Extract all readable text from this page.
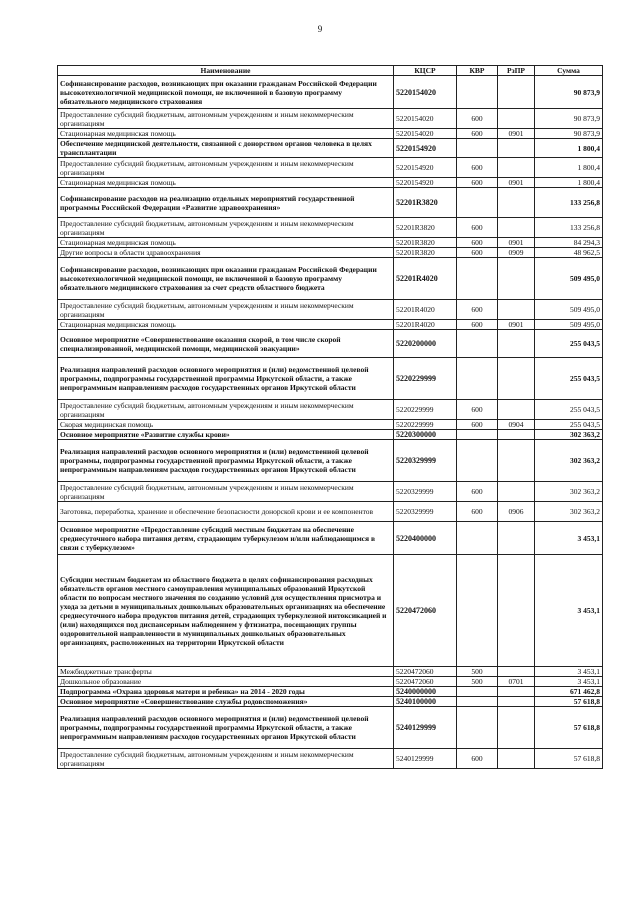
9
Наименование	КЦСР	КВР	РзПР	Сумма
Софинансирование расходов, возникающих при оказании гражданам Российской Федерации высокотехнологичной медицинской помощи, не включенной в базовую программу обязательного медицинского страхования	5220154020			90 873,9
Предоставление субсидий бюджетным, автономным учреждениям и иным некоммерческим организациям	5220154020	600		90 873,9
Стационарная медицинская помощь	5220154020	600	0901	90 873,9
Обеспечение медицинской деятельности, связанной с донорством органов человека в целях трансплантации	5220154920			1 800,4
Предоставление субсидий бюджетным, автономным учреждениям и иным некоммерческим организациям	5220154920	600		1 800,4
Стационарная медицинская помощь	5220154920	600	0901	1 800,4
Софинансирование расходов на реализацию отдельных мероприятий государственной программы Российской Федерации «Развитие здравоохранения»	52201R3820			133 256,8
Предоставление субсидий бюджетным, автономным учреждениям и иным некоммерческим организациям	52201R3820	600		133 256,8
Стационарная медицинская помощь	52201R3820	600	0901	84 294,3
Другие вопросы в области здравоохранения	52201R3820	600	0909	48 962,5
Софинансирование расходов, возникающих при оказании гражданам Российской Федерации высокотехнологичной медицинской помощи, не включенной в базовую программу обязательного медицинского страхования за счет средств областного бюджета	52201R4020			509 495,0
Предоставление субсидий бюджетным, автономным учреждениям и иным некоммерческим организациям	52201R4020	600		509 495,0
Стационарная медицинская помощь	52201R4020	600	0901	509 495,0
Основное мероприятие «Совершенствование оказания скорой, в том числе скорой специализированной, медицинской помощи, медицинской эвакуации»	5220200000			255 043,5
Реализация направлений расходов основного мероприятия и (или) ведомственной целевой программы, подпрограммы государственной программы Иркутской области, а также непрограммным направлениям расходов государственных органов Иркутской области	5220229999			255 043,5
Предоставление субсидий бюджетным, автономным учреждениям и иным некоммерческим организациям	5220229999	600		255 043,5
Скорая медицинская помощь	5220229999	600	0904	255 043,5
Основное мероприятие «Развитие службы крови»	5220300000			302 363,2
Реализация направлений расходов основного мероприятия и (или) ведомственной целевой программы, подпрограммы государственной программы Иркутской области, а также непрограммным направлениям расходов государственных органов Иркутской области	5220329999			302 363,2
Предоставление субсидий бюджетным, автономным учреждениям и иным некоммерческим организациям	5220329999	600		302 363,2
Заготовка, переработка, хранение и обеспечение безопасности донорской крови и ее компонентов	5220329999	600	0906	302 363,2
Основное мероприятие «Предоставление субсидий местным бюджетам на обеспечение среднесуточного набора питания детям, страдающим туберкулезом и/или наблюдающимся в связи с туберкулезом»	5220400000			3 453,1
Субсидии местным бюджетам из областного бюджета в целях софинансирования расходных обязательств органов местного самоуправления муниципальных образований Иркутской области по вопросам местного значения по созданию условий для осуществления присмотра и ухода за детьми в муниципальных дошкольных образовательных организациях на обеспечение среднесуточного набора продуктов питания детей, страдающих туберкулезной интоксикацией и (или) находящихся под диспансерным наблюдением у фтизиатра, посещающих группы оздоровительной направленности в муниципальных дошкольных образовательных организациях, расположенных на территории Иркутской области	5220472060			3 453,1
Межбюджетные трансферты	5220472060	500		3 453,1
Дошкольное образование	5220472060	500	0701	3 453,1
Подпрограмма «Охрана здоровья матери и ребенка» на 2014 - 2020 годы	5240000000			671 462,8
Основное мероприятие «Совершенствование службы родовспоможения»	5240100000			57 618,8
Реализация направлений расходов основного мероприятия и (или) ведомственной целевой программы, подпрограммы государственной программы Иркутской области, а также непрограммным направлениям расходов государственных органов Иркутской области	5240129999			57 618,8
Предоставление субсидий бюджетным, автономным учреждениям и иным некоммерческим организациям	5240129999	600		57 618,8
